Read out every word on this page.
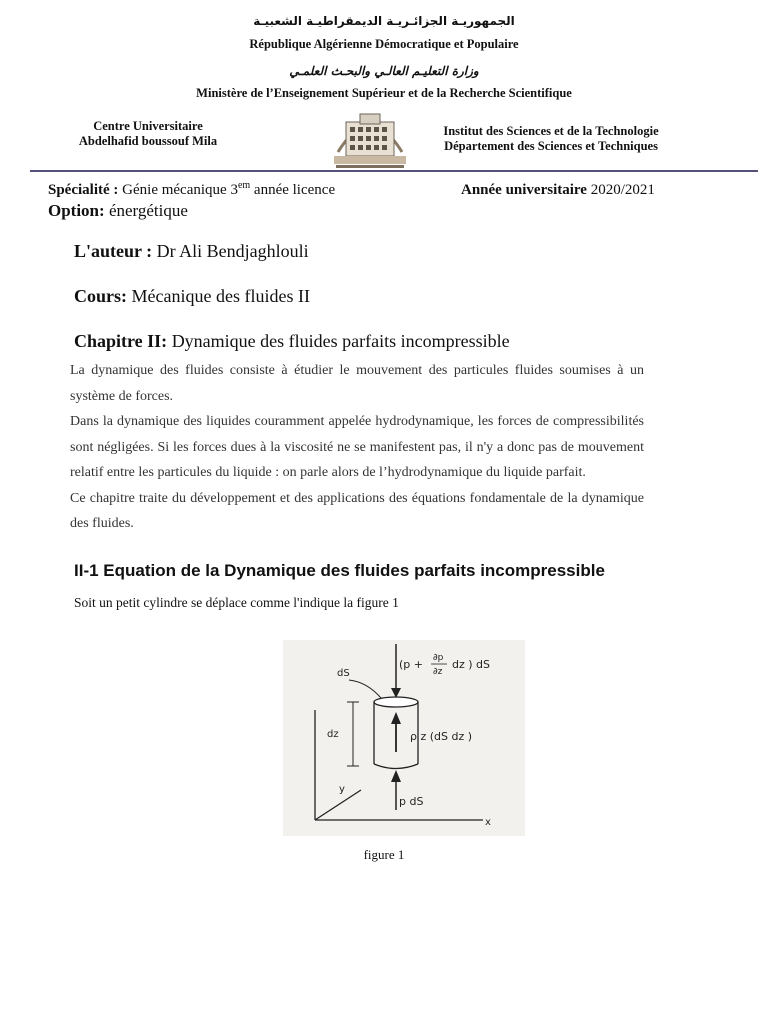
الجمهوريـة الجزائـريـة الديمقراطيـة الشعبيـة
République Algérienne Démocratique et Populaire
وزارة التعليـم العالـي والبحـث العلمـي
Ministère de l’Enseignement Supérieur et de la Recherche Scientifique
Centre Universitaire
Abdelhafid boussouf Mila
Institut des Sciences et de la Technologie
Département des Sciences et Techniques
Spécialité : Génie mécanique $3^{em}$ année licence	Année universitaire 2020/2021
Option: énergétique
L'auteur : Dr Ali Bendjaghlouli
Cours: Mécanique des fluides II
Chapitre II: Dynamique des fluides parfaits incompressible

La dynamique des fluides consiste à étudier le mouvement des particules fluides soumises à un système de forces.

Dans la dynamique des liquides couramment appelée hydrodynamique, les forces de compressibilités sont négligées. Si les forces dues à la viscosité ne se manifestent pas, il n'y a donc pas de mouvement relatif entre les particules du liquide : on parle alors de l’hydrodynamique du liquide parfait.

Ce chapitre traite du développement et des applications des équations fondamentale de la dynamique des fluides.

II-1 Equation de la Dynamique des fluides parfaits incompressible
Soit un petit cylindre se déplace comme l'indique la figure 1
x
y
dz
dS
(p + ∂p
∂z
dz ) dS
ρ z (dS dz )
p dS
figure 1
